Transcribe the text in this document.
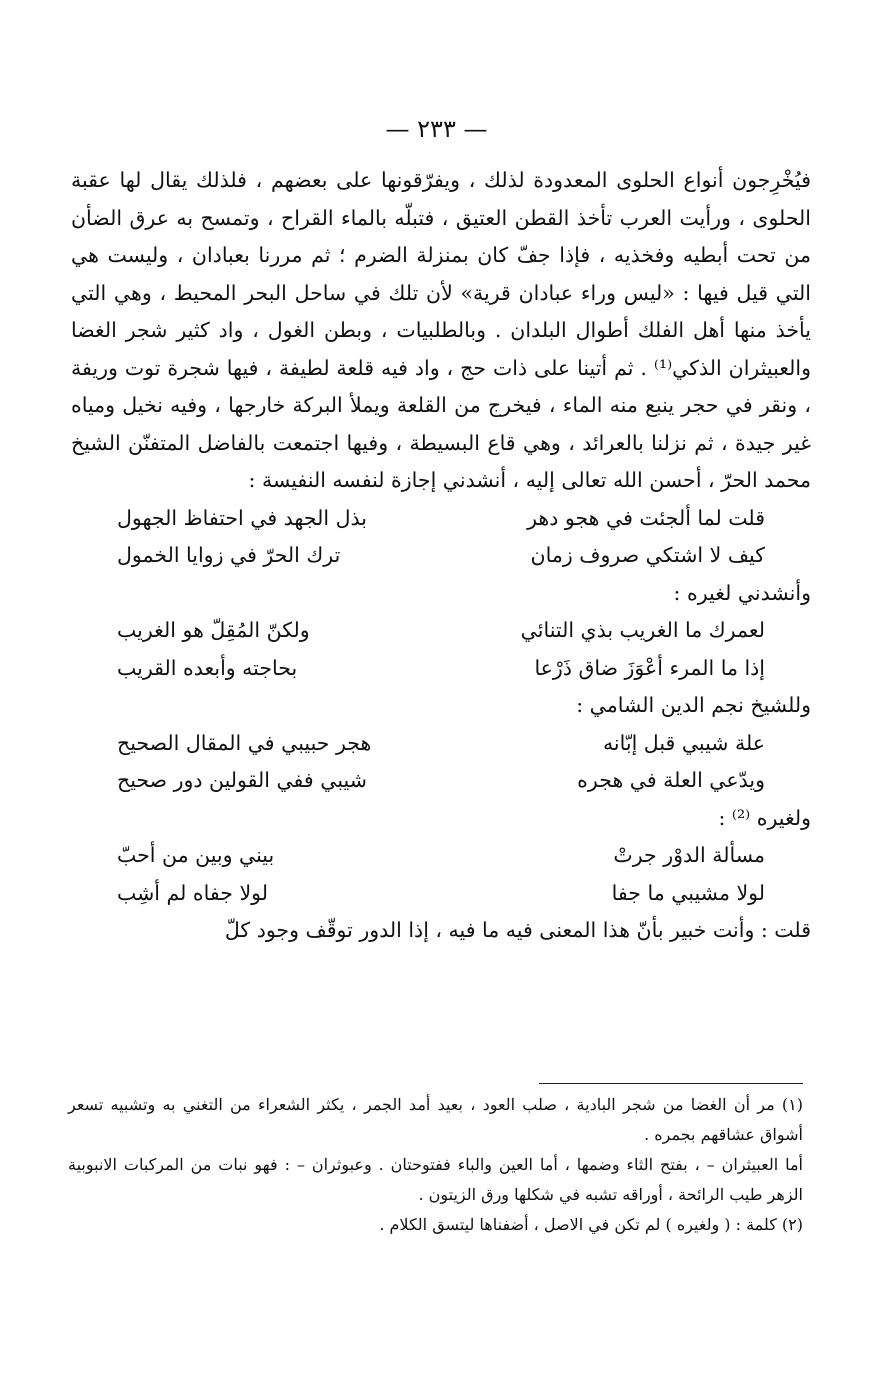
— ٢٣٣ —

فيُخْرِجون أنواع الحلوى المعدودة لذلك ، ويفرّقونها على بعضهم ، فلذلك يقال لها عقبة الحلوى ، ورأيت العرب تأخذ القطن العتيق ، فتبلّه بالماء القراح ، وتمسح به عرق الضأن من تحت أبطيه وفخذيه ، فإذا جفّ كان بمنزلة الضرم ؛ ثم مررنا بعبادان ، وليست هي التي قيل فيها : «ليس وراء عبادان قرية» لأن تلك في ساحل البحر المحيط ، وهي التي يأخذ منها أهل الفلك أطوال البلدان . وبالطلبيات ، وبطن الغول ، واد كثير شجر الغضا والعبيثران الذكي⁽¹⁾ . ثم أتينا على ذات حج ، واد فيه قلعة لطيفة ، فيها شجرة توت وريفة ، ونقر في حجر ينبع منه الماء ، فيخرج من القلعة ويملأ البركة خارجها ، وفيه نخيل ومياه غير جيدة ، ثم نزلنا بالعرائد ، وهي قاع البسيطة ، وفيها اجتمعت بالفاضل المتفنّن الشيخ محمد الحرّ ، أحسن الله تعالى إليه ، أنشدني إجازة لنفسه النفيسة :

قلت لما ألجئت في هجو دهر
بذل الجهد في احتفاظ الجهول
كيف لا اشتكي صروف زمان
ترك الحرّ في زوايا الخمول

وأنشدني لغيره :

لعمرك ما الغريب بذي التنائي
ولكنّ المُقِلّ هو الغريب
إذا ما المرء أعْوَزَ ضاق ذَرْعا
بحاجته وأبعده القريب

وللشيخ نجم الدين الشامي :

علة شيبي قبل إبّانه
هجر حبيبي في المقال الصحيح
ويدّعي العلة في هجره
شيبي ففي القولين دور صحيح

ولغيره ⁽²⁾ :

مسألة الدوْر جرتْ
بيني وبين من أحبّ
لولا مشيبي ما جفا
لولا جفاه لم أشِب

قلت : وأنت خبير بأنّ هذا المعنى فيه ما فيه ، إذا الدور توقّف وجود كلّ

(١) مر أن الغضا من شجر البادية ، صلب العود ، بعيد أمد الجمر ، يكثر الشعراء من التغني به وتشبيه تسعر أشواق عشاقهم بجمره .

أما العبيثران – ، بفتح الثاء وضمها ، أما العين والباء ففتوحتان . وعبوثران – : فهو نبات من المركبات الانبوبية الزهر طيب الرائحة ، أوراقه تشبه في شكلها ورق الزيتون .

(٢) كلمة : ( ولغيره ) لم تكن في الاصل ، أضفناها ليتسق الكلام .
